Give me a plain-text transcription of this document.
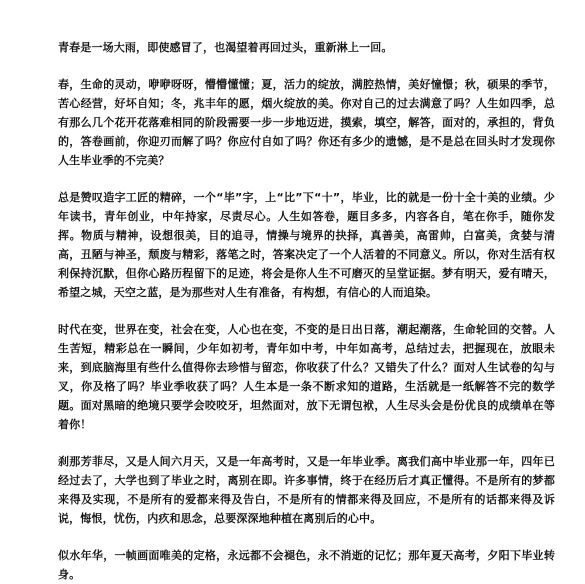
青春是一场大雨，即使感冒了，也渴望着再回过头，重新淋上一回。

春，生命的灵动，咿咿呀呀，懵懵懂懂；夏，活力的绽放，满腔热情，美好憧憬；秋，硕果的季节，苦心经营，好坏自知；冬，兆丰年的愿，烟火绽放的美。你对自己的过去满意了吗？人生如四季，总有那么几个花开花落难相同的阶段需要一步一步地迈进，摸索，填空，解答，面对的，承担的，背负的，答卷画前，你迎刃而解了吗？你应付自如了吗？你还有多少的遗憾，是不是总在回头时才发现你人生毕业季的不完美？

总是赞叹造字工匠的精碎，一个“毕”字，上“比”下“十”，毕业，比的就是一份十全十美的业绩。少年读书，青年创业，中年持家，尽责尽心。人生如答卷，题目多多，内容各自，笔在你手，随你发挥。物质与精神，设想很美，目的追寻，情操与境界的抉择，真善美，高雷帅，白富美，贪婪与清高，丑陋与神圣，颓废与精彩，落笔之时，答案决定了一个人活着的不同意义。所以，你对生活有权利保持沉默，但你心路历程留下的足迹，将会是你人生不可磨灭的呈堂证据。梦有明天，爱有晴天，希望之城，天空之蓝，是为那些对人生有准备，有构想，有信心的人而追染。

时代在变，世界在变，社会在变，人心也在变，不变的是日出日落，潮起潮落，生命轮回的交替。人生苦短，精彩总在一瞬间，少年如初考，青年如中考，中年如高考，总结过去，把握现在，放眼未来，到底脑海里有些什么值得你去珍惜与留恋，你收获了什么？又错失了什么？面对人生试卷的勾与叉，你及格了吗？毕业季收获了吗？人生本是一条不断求知的道路，生活就是一纸解答不完的数学题。面对黑暗的绝境只要学会咬咬牙，坦然面对，放下无谓包袱，人生尽头会是份优良的成绩单在等着你！

刹那芳菲尽，又是人间六月天，又是一年高考时，又是一年毕业季。离我们高中毕业那一年，四年已经过去了，大学也到了毕业之时，离别在即。许多事情，终于在经历后才真正懂得。不是所有的梦都来得及实现，不是所有的爱都来得及告白，不是所有的情都来得及回应，不是所有的话都来得及诉说，悔恨，忧伤，内疚和思念，总要深深地种植在离别后的心中。

似水年华，一帧画面唯美的定格，永远都不会褪色，永不消逝的记忆；那年夏天高考，夕阳下毕业转身。
